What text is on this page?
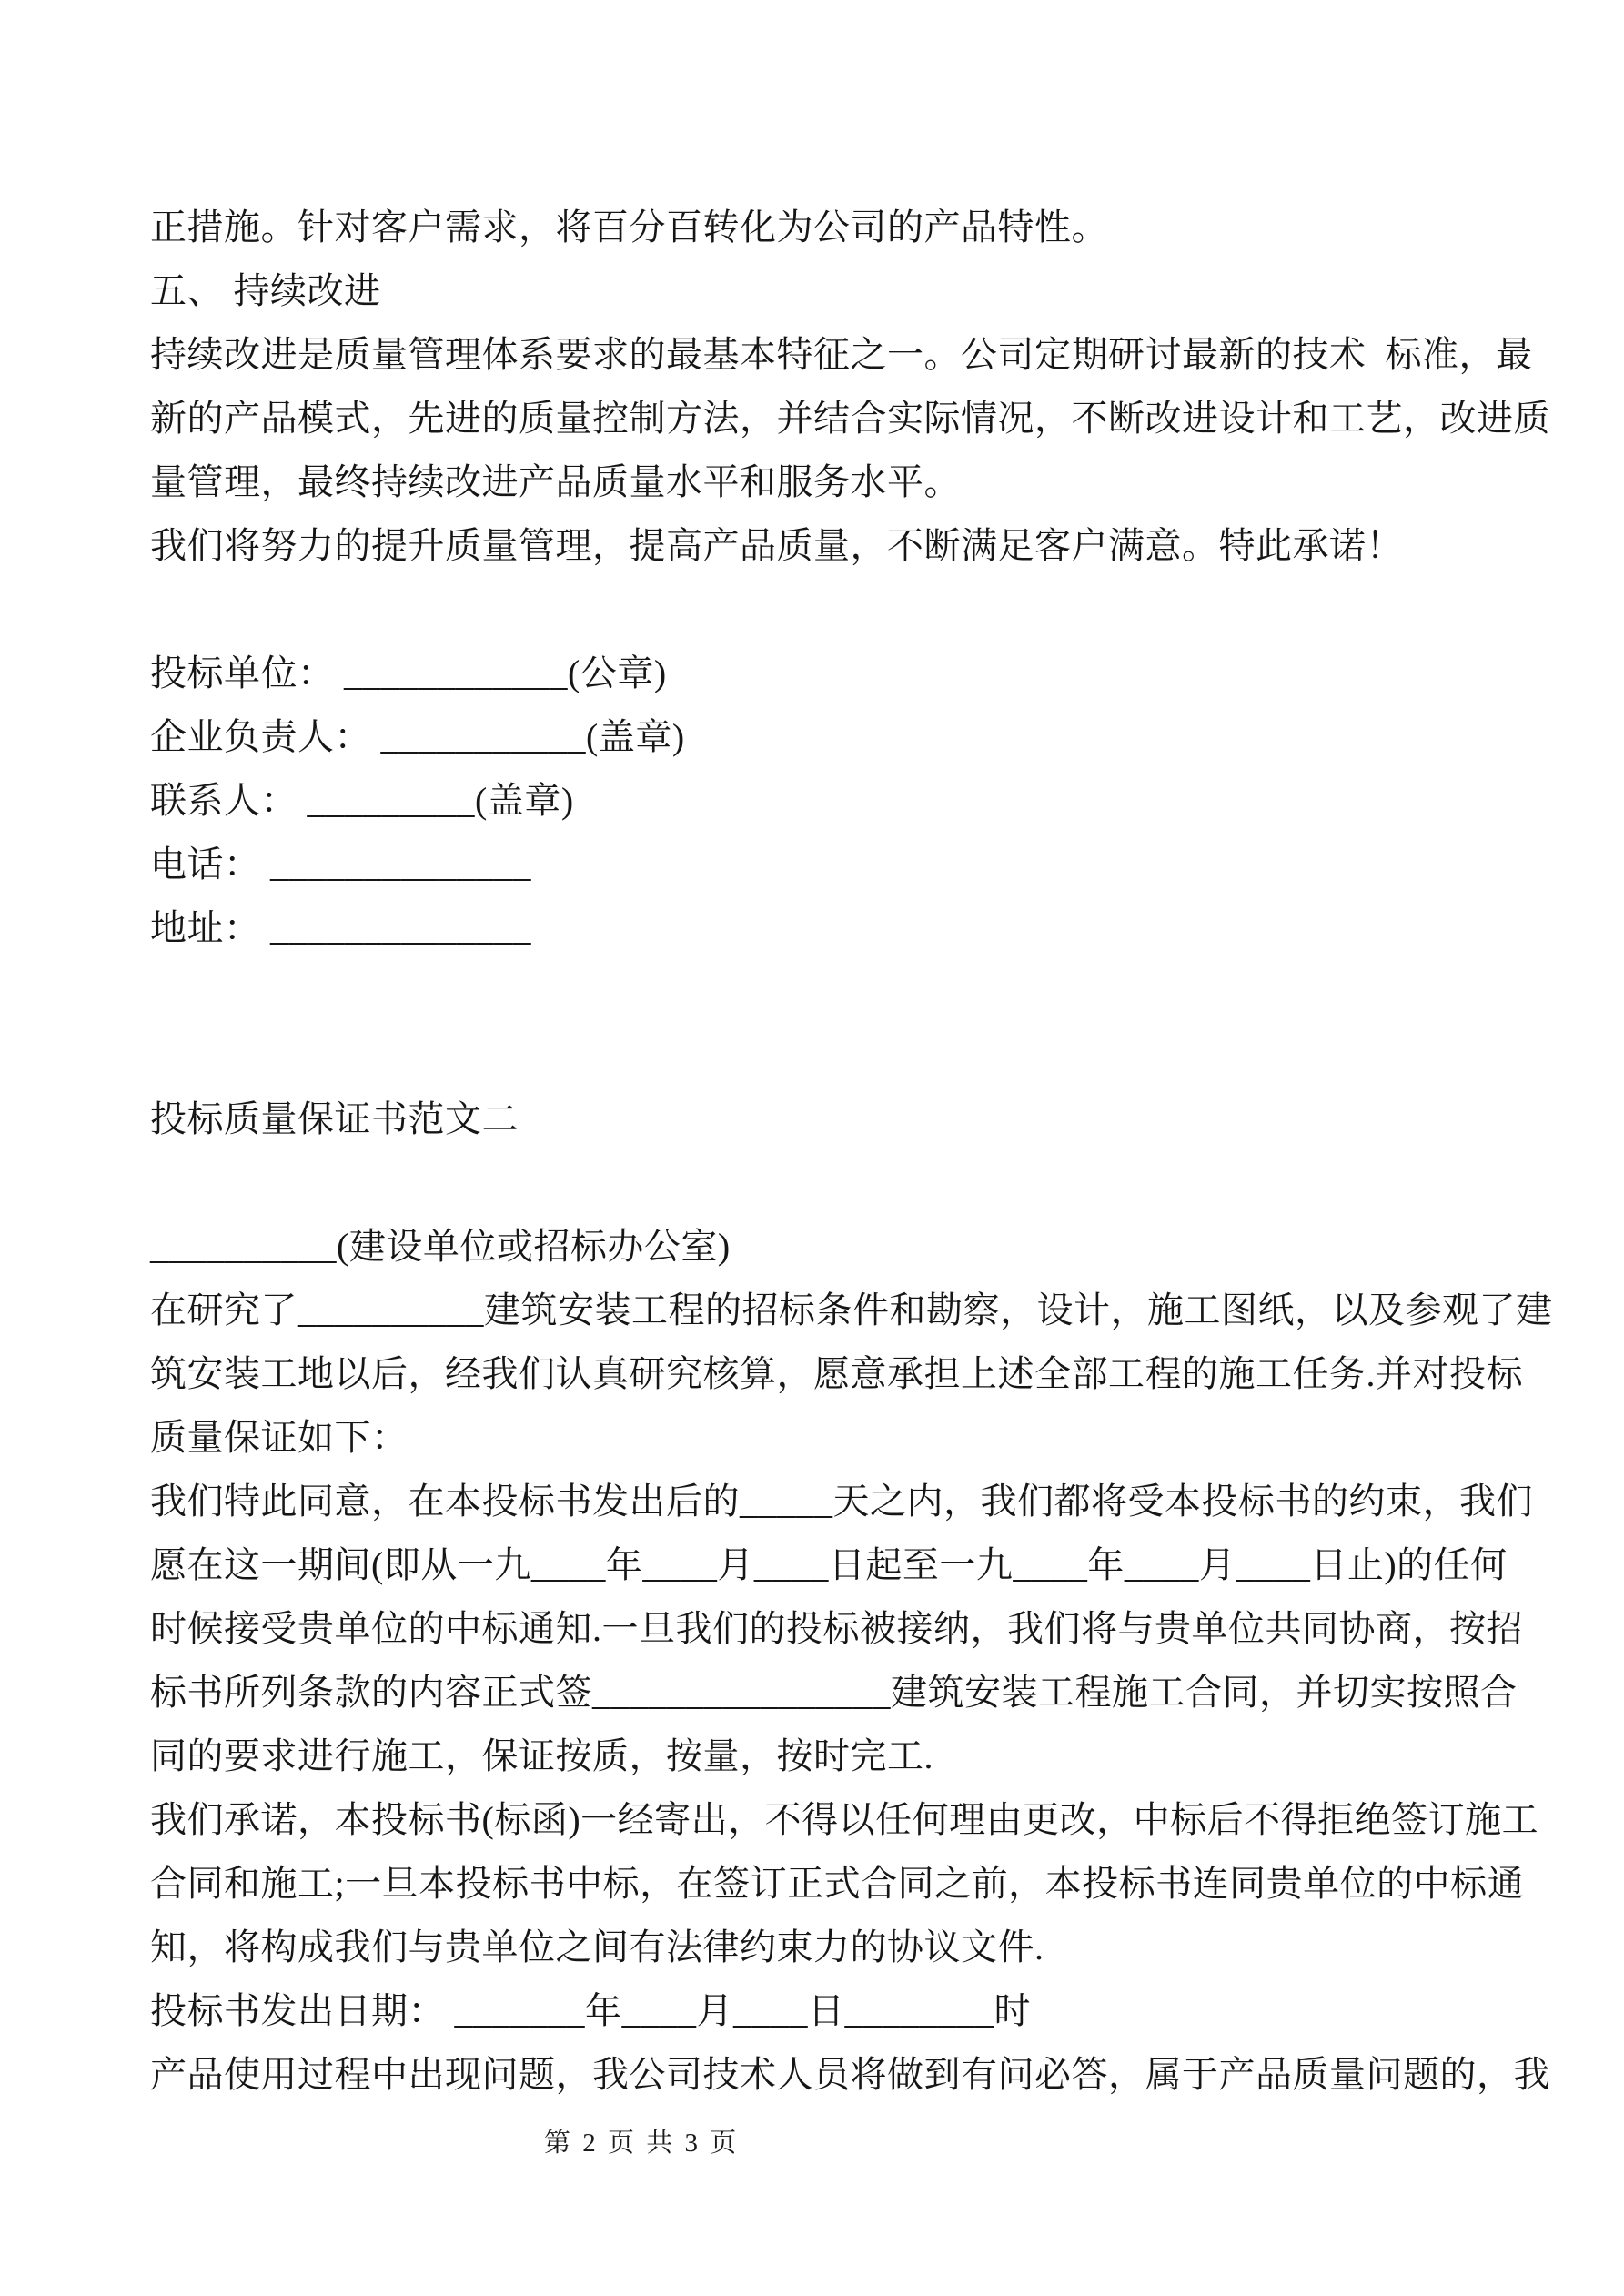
正措施。针对客户需求，将百分百转化为公司的产品特性。
五、 持续改进
持续改进是质量管理体系要求的最基本特征之一。公司定期研讨最新的技术  标准，最
新的产品模式，先进的质量控制方法，并结合实际情况，不断改进设计和工艺，改进质
量管理，最终持续改进产品质量水平和服务水平。
我们将努力的提升质量管理，提高产品质量，不断满足客户满意。特此承诺！
投标单位： ____________(公章)
企业负责人： ___________(盖章)
联系人： _________(盖章)
电话： ______________
地址： ______________
投标质量保证书范文二
__________(建设单位或招标办公室)
在研究了__________建筑安装工程的招标条件和勘察，设计，施工图纸，以及参观了建
筑安装工地以后，经我们认真研究核算，愿意承担上述全部工程的施工任务.并对投标
质量保证如下：
我们特此同意，在本投标书发出后的_____天之内，我们都将受本投标书的约束，我们
愿在这一期间(即从一九____年____月____日起至一九____年____月____日止)的任何
时候接受贵单位的中标通知.一旦我们的投标被接纳，我们将与贵单位共同协商，按招
标书所列条款的内容正式签________________建筑安装工程施工合同，并切实按照合
同的要求进行施工，保证按质，按量，按时完工.
我们承诺，本投标书(标函)一经寄出，不得以任何理由更改，中标后不得拒绝签订施工
合同和施工;一旦本投标书中标，在签订正式合同之前，本投标书连同贵单位的中标通
知，将构成我们与贵单位之间有法律约束力的协议文件.
投标书发出日期： _______年____月____日________时
产品使用过程中出现问题，我公司技术人员将做到有问必答，属于产品质量问题的，我
第 2 页 共 3 页
